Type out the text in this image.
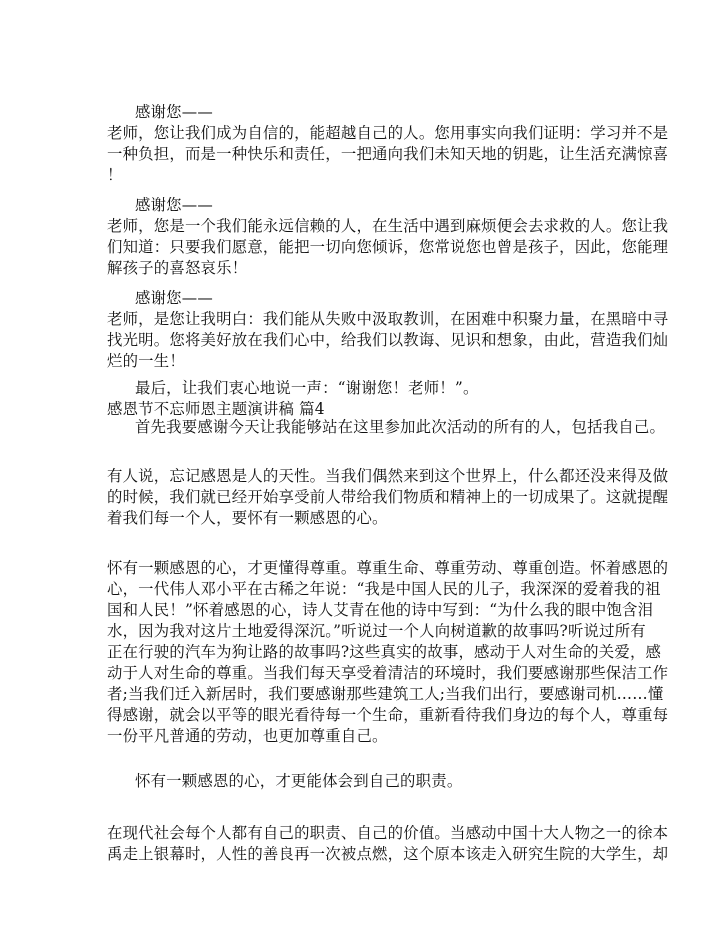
感谢您——
老师，您让我们成为自信的，能超越自己的人。您用事实向我们证明：学习并不是
一种负担，而是一种快乐和责任，一把通向我们未知天地的钥匙，让生活充满惊喜
！
感谢您——
老师，您是一个我们能永远信赖的人，在生活中遇到麻烦便会去求救的人。您让我
们知道：只要我们愿意，能把一切向您倾诉，您常说您也曾是孩子，因此，您能理
解孩子的喜怒哀乐！
感谢您——
老师，是您让我明白：我们能从失败中汲取教训，在困难中积聚力量，在黑暗中寻
找光明。您将美好放在我们心中，给我们以教诲、见识和想象，由此，营造我们灿
烂的一生！
最后，让我们衷心地说一声：“谢谢您！老师！”。
感恩节不忘师恩主题演讲稿 篇4
首先我要感谢今天让我能够站在这里参加此次活动的所有的人，包括我自己。
有人说，忘记感恩是人的天性。当我们偶然来到这个世界上，什么都还没来得及做
的时候，我们就已经开始享受前人带给我们物质和精神上的一切成果了。这就提醒
着我们每一个人，要怀有一颗感恩的心。
怀有一颗感恩的心，才更懂得尊重。尊重生命、尊重劳动、尊重创造。怀着感恩的
心，一代伟人邓小平在古稀之年说：“我是中国人民的儿子，我深深的爱着我的祖
国和人民！”怀着感恩的心，诗人艾青在他的诗中写到：“为什么我的眼中饱含泪
水，因为我对这片土地爱得深沉。”听说过一个人向树道歉的故事吗?听说过所有
正在行驶的汽车为狗让路的故事吗?这些真实的故事，感动于人对生命的关爱，感
动于人对生命的尊重。当我们每天享受着清洁的环境时，我们要感谢那些保洁工作
者;当我们迁入新居时，我们要感谢那些建筑工人;当我们出行，要感谢司机……懂
得感谢，就会以平等的眼光看待每一个生命，重新看待我们身边的每个人，尊重每
一份平凡普通的劳动，也更加尊重自己。
怀有一颗感恩的心，才更能体会到自己的职责。
在现代社会每个人都有自己的职责、自己的价值。当感动中国十大人物之一的徐本
禹走上银幕时，人性的善良再一次被点燃，这个原本该走入研究生院的大学生，却
